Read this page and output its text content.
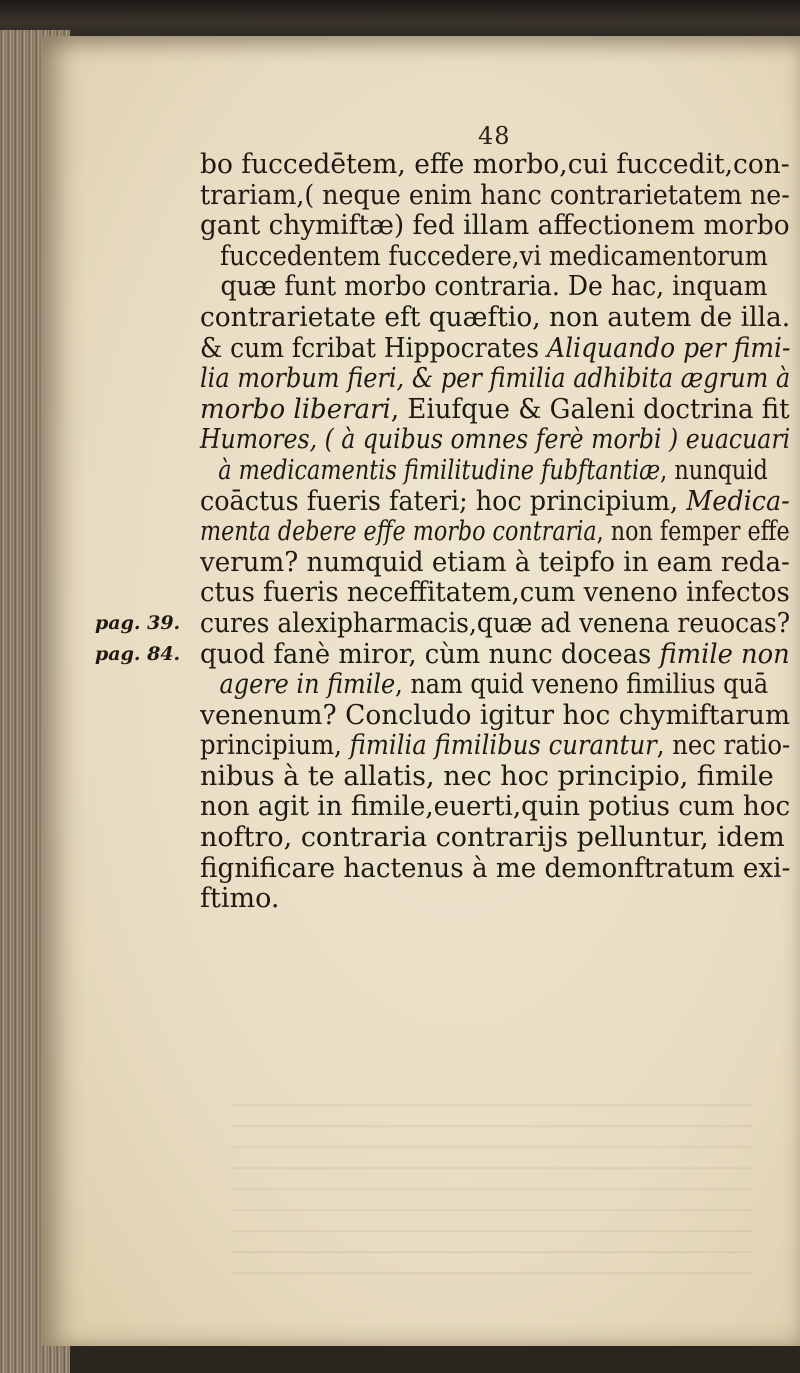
48
bo fuccedētem, effe morbo,cui fuccedit,con-
trariam,( neque enim hanc contrarietatem ne-
gant chymiftæ) fed illam affectionem morbo
fuccedentem fuccedere,vi medicamentorum
quæ funt morbo contraria. De hac, inquam
contrarietate eft quæftio, non autem de illa.
& cum fcribat Hippocrates Aliquando per fimi-
lia morbum fieri, & per fimilia adhibita ægrum à
morbo liberari, Eiufque & Galeni doctrina fit
Humores, ( à quibus omnes ferè morbi ) euacuari
à medicamentis fimilitudine fubftantiæ, nunquid
coāctus fueris fateri; hoc principium, Medica-
menta debere effe morbo contraria, non femper effe
verum? numquid etiam à teipfo in eam reda-
ctus fueris neceffitatem,cum veneno infectos
cures alexipharmacis,quæ ad venena reuocas?
quod fanè miror, cùm nunc doceas fimile non
agere in fimile, nam quid veneno fimilius quā
venenum? Concludo igitur hoc chymiftarum
principium, fimilia fimilibus curantur, nec ratio-
nibus à te allatis, nec hoc principio, fimile
non agit in fimile,euerti,quin potius cum hoc
noftro, contraria contrarijs pelluntur, idem
fignificare hactenus à me demonftratum exi-
ftimo.
pag. 39.
pag. 84.
